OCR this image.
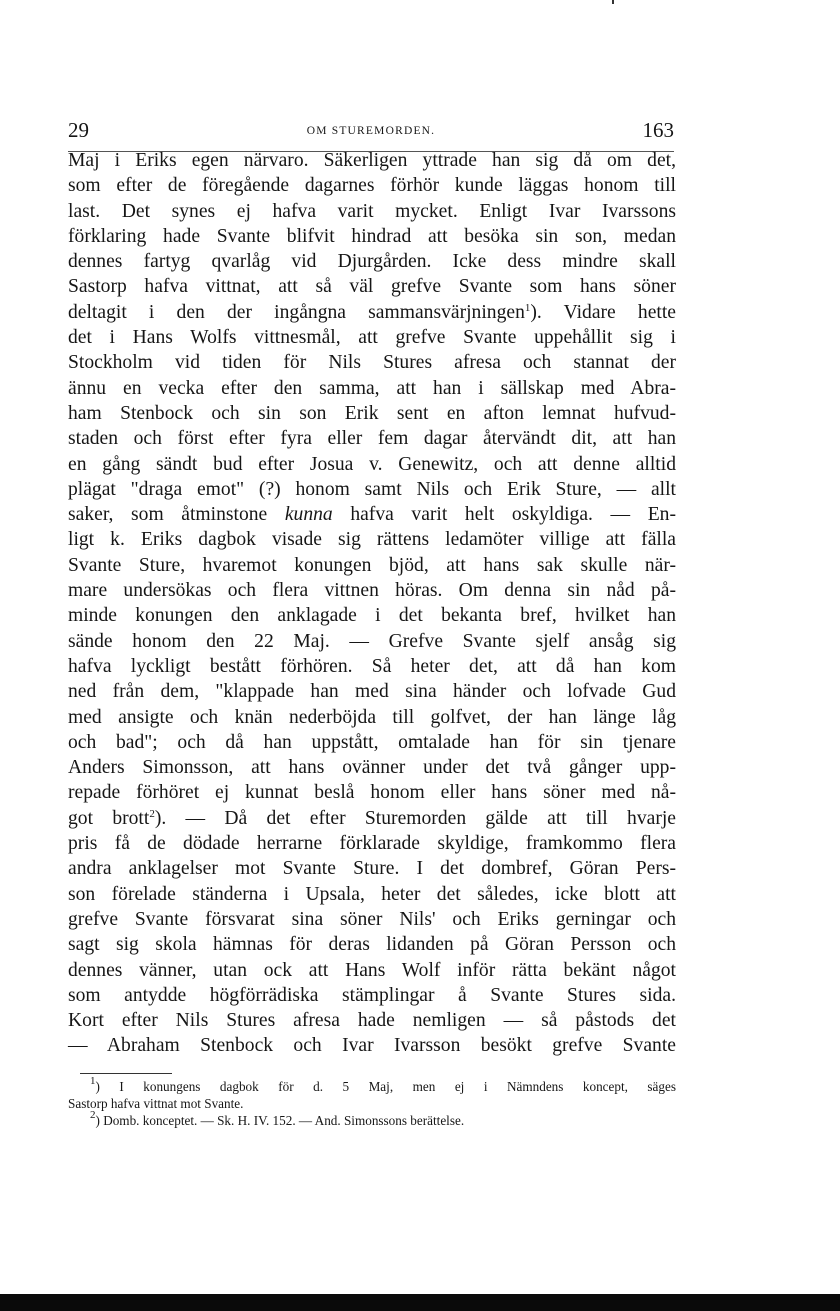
29	OM STUREMORDEN.	163
Maj i Eriks egen närvaro. Säkerligen yttrade han sig då om det,
som efter de föregående dagarnes förhör kunde läggas honom till
last. Det synes ej hafva varit mycket. Enligt Ivar Ivarssons
förklaring hade Svante blifvit hindrad att besöka sin son, medan
dennes fartyg qvarlåg vid Djurgården. Icke dess mindre skall
Sastorp hafva vittnat, att så väl grefve Svante som hans söner
deltagit i den der ingångna sammansvärjningen$^1$). Vidare hette
det i Hans Wolfs vittnesmål, att grefve Svante uppehållit sig i
Stockholm vid tiden för Nils Stures afresa och stannat der
ännu en vecka efter den samma, att han i sällskap med Abra-
ham Stenbock och sin son Erik sent en afton lemnat hufvud-
staden och först efter fyra eller fem dagar återvändt dit, att han
en gång sändt bud efter Josua v. Genewitz, och att denne alltid
plägat "draga emot" (?) honom samt Nils och Erik Sture, — allt
saker, som åtminstone kunna hafva varit helt oskyldiga. — En-
ligt k. Eriks dagbok visade sig rättens ledamöter villige att fälla
Svante Sture, hvaremot konungen bjöd, att hans sak skulle när-
mare undersökas och flera vittnen höras. Om denna sin nåd på-
minde konungen den anklagade i det bekanta bref, hvilket han
sände honom den 22 Maj. — Grefve Svante sjelf ansåg sig
hafva lyckligt bestått förhören. Så heter det, att då han kom
ned från dem, "klappade han med sina händer och lofvade Gud
med ansigte och knän nederböjda till golfvet, der han länge låg
och bad"; och då han uppstått, omtalade han för sin tjenare
Anders Simonsson, att hans ovänner under det två gånger upp-
repade förhöret ej kunnat beslå honom eller hans söner med nå-
got brott$^2$). — Då det efter Sturemorden gälde att till hvarje
pris få de dödade herrarne förklarade skyldige, framkommo flera
andra anklagelser mot Svante Sture. I det dombref, Göran Pers-
son förelade ständerna i Upsala, heter det således, icke blott att
grefve Svante försvarat sina söner Nils' och Eriks gerningar och
sagt sig skola hämnas för deras lidanden på Göran Persson och
dennes vänner, utan ock att Hans Wolf inför rätta bekänt något
som antydde högförrädiska stämplingar å Svante Stures sida.
Kort efter Nils Stures afresa hade nemligen — så påstods det
— Abraham Stenbock och Ivar Ivarsson besökt grefve Svante
$^1$) I konungens dagbok för d. 5 Maj, men ej i Nämndens koncept, säges
Sastorp hafva vittnat mot Svante.
$^2$) Domb. konceptet. — Sk. H. IV. 152. — And. Simonssons berättelse.
